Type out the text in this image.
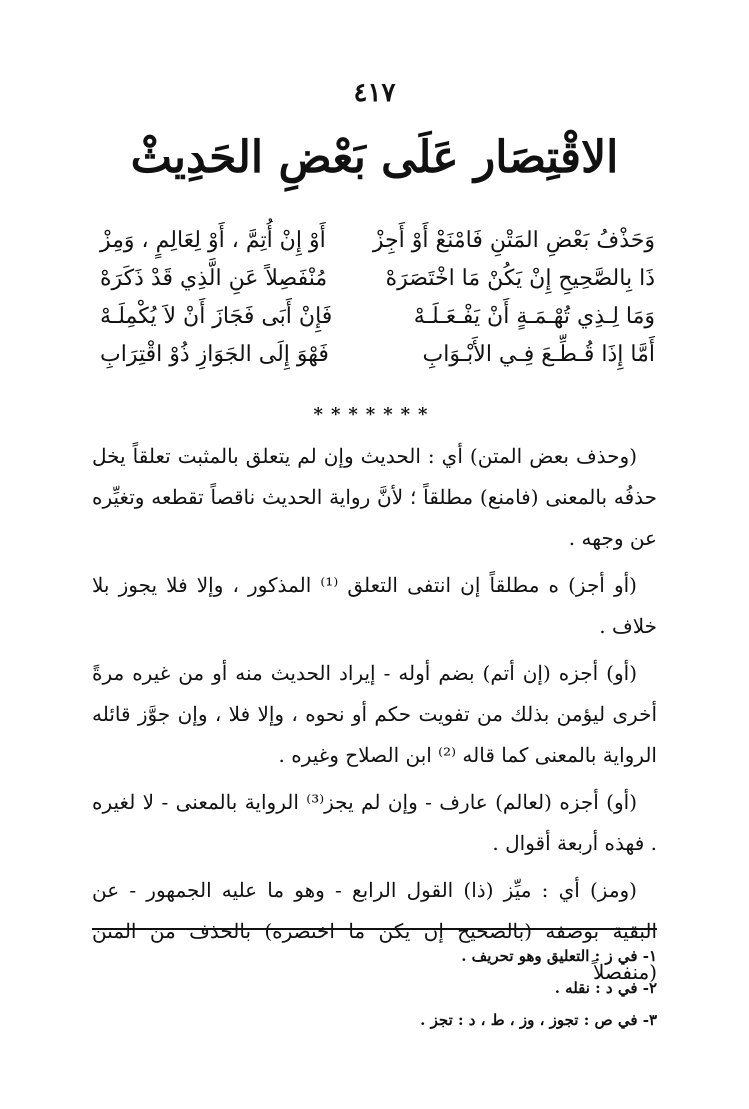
٤١٧
الاقْتِصَار عَلَى بَعْضِ الحَدِيثْ
وَحَذْفُ بَعْضِ المَتْنِ فَامْنَعْ أَوْ أَجِزْ
أَوْ إِنْ أُتِمَّ ، أَوْ لِعَالِمٍ ، وَمِزْ
ذَا بِالصَّحِيحِ إِنْ يَكُنْ مَا اخْتَصَرَهْ
مُنْفَصِلاً عَنِ الَّذِي قَدْ ذَكَرَهْ
وَمَا لِـذِي تُهْـمَـةٍ أَنْ يَفْـعَـلَـهْ
فَإِنْ أَبَى فَجَازَ أَنْ لاَ يُكْمِلَـهْ
أَمَّا إِذَا قُـطِّـعَ فِـي الأَبْـوَابِ
فَهْوَ إِلَى الجَوَازِ ذُوْ اقْتِرَابِ
*******

(وحذف بعض المتن) أي : الحديث وإن لم يتعلق بالمثبت تعلقاً يخل حذفُه بالمعنى (فامنع) مطلقاً ؛ لأنَّ رواية الحديث ناقصاً تقطعه وتغيِّره عن وجهه .

(أو أجز) ه مطلقاً إن انتفى التعلق ⁽¹⁾ المذكور ، وإلا فلا يجوز بلا خلاف .

(أو) أجزه (إن أتم) بضم أوله - إيراد الحديث منه أو من غيره مرةً أخرى ليؤمن بذلك من تفويت حكم أو نحوه ، وإلا فلا ، وإن جوَّز قائله الرواية بالمعنى كما قاله ⁽²⁾ ابن الصلاح وغيره .

(أو) أجزه (لعالم) عارف - وإن لم يجز⁽³⁾ الرواية بالمعنى - لا لغيره . فهذه أربعة أقوال .

(ومز) أي : ميِّز (ذا) القول الرابع - وهو ما عليه الجمهور - عن البقية بوصفه (بالصحيح إن يكن ما اختصره) بالحذف من المتن (منفصلاً

١- في ز : التعليق وهو تحريف .
٢- في د : نقله .
٣- في ص : تجوز ، وز ، ط ، د : تجز .
